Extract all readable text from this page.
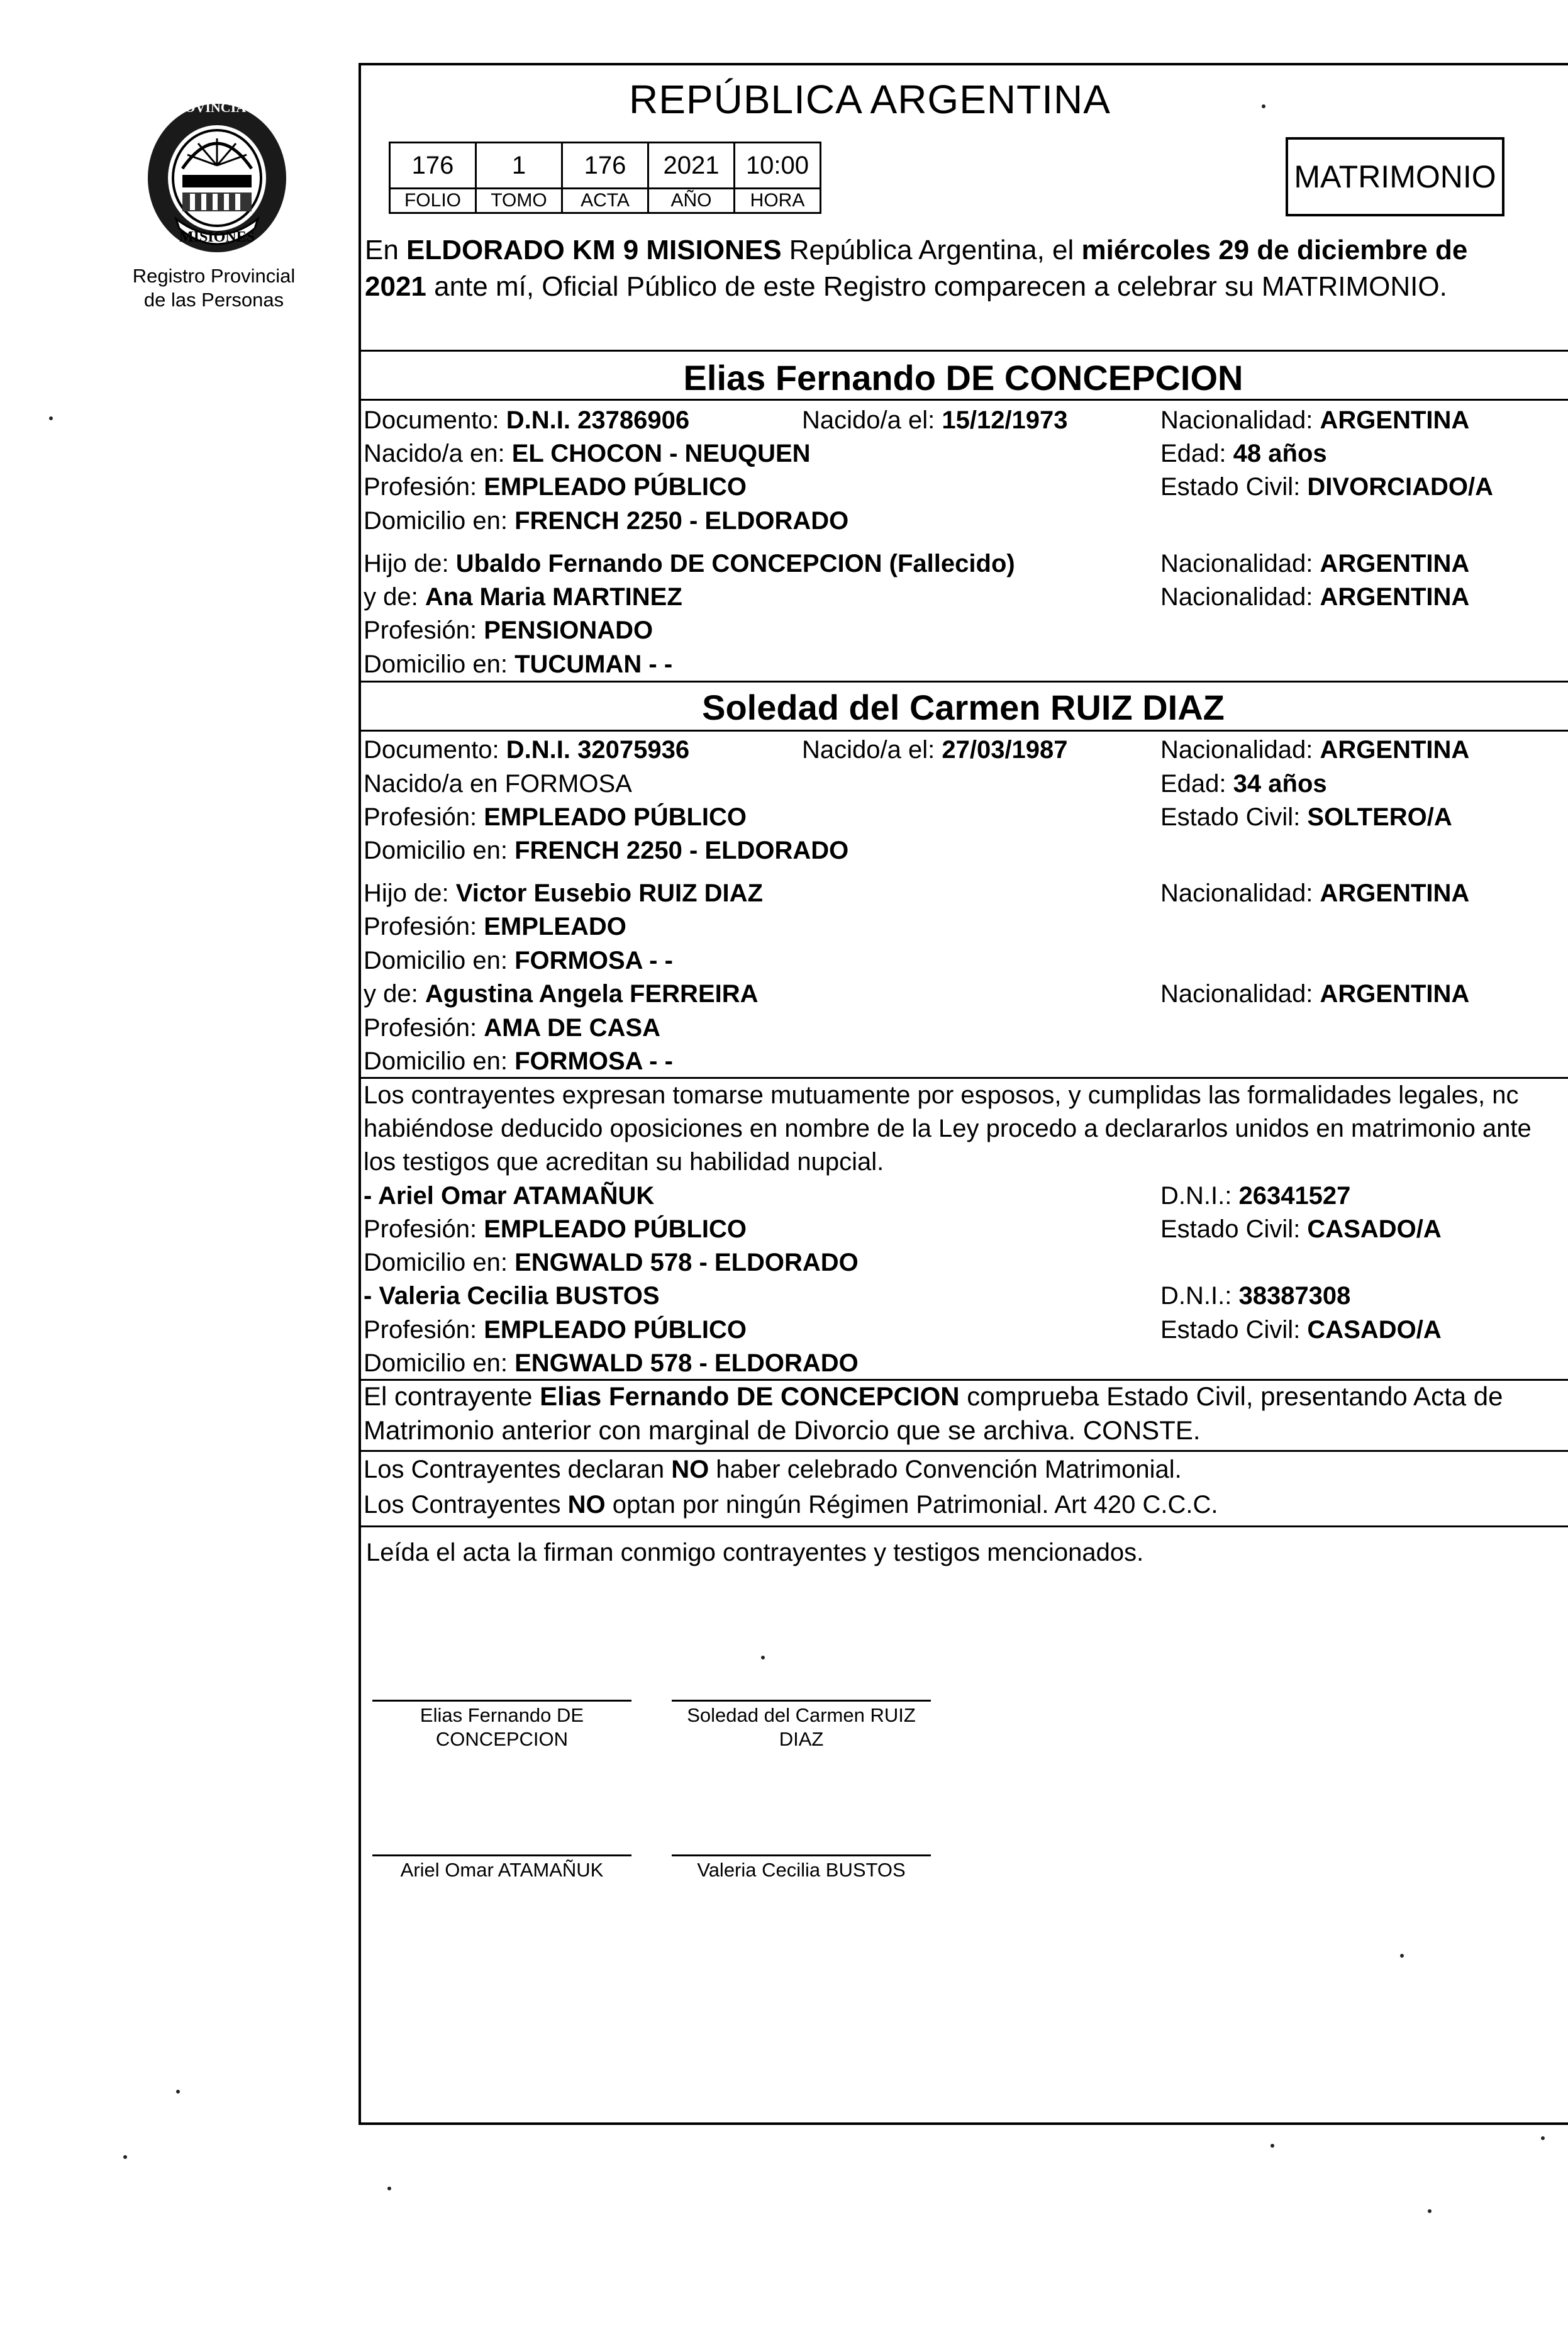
PROVINCIA DE
MISIONES
Registro Provincial
de las Personas
REPÚBLICA ARGENTINA
176	1	176	2021	10:00
FOLIO	TOMO	ACTA	AÑO	HORA
MATRIMONIO
En ELDORADO KM 9 MISIONES República Argentina, el miércoles 29 de diciembre de
2021 ante mí, Oficial Público de este Registro comparecen a celebrar su MATRIMONIO.
Elias Fernando DE CONCEPCION
Documento: D.N.I. 23786906	Nacido/a el: 15/12/1973	Nacionalidad: ARGENTINA
Nacido/a en: EL CHOCON - NEUQUEN	Edad: 48 años
Profesión: EMPLEADO PÚBLICO	Estado Civil: DIVORCIADO/A
Domicilio en: FRENCH 2250 - ELDORADO
Hijo de: Ubaldo Fernando DE CONCEPCION (Fallecido)	Nacionalidad: ARGENTINA
y de: Ana Maria MARTINEZ	Nacionalidad: ARGENTINA
Profesión: PENSIONADO
Domicilio en: TUCUMAN - -
Soledad del Carmen RUIZ DIAZ
Documento: D.N.I. 32075936	Nacido/a el: 27/03/1987	Nacionalidad: ARGENTINA
Nacido/a en FORMOSA	Edad: 34 años
Profesión: EMPLEADO PÚBLICO	Estado Civil: SOLTERO/A
Domicilio en: FRENCH 2250 - ELDORADO
Hijo de: Victor Eusebio RUIZ DIAZ	Nacionalidad: ARGENTINA
Profesión: EMPLEADO
Domicilio en: FORMOSA - -
y de: Agustina Angela FERREIRA	Nacionalidad: ARGENTINA
Profesión: AMA DE CASA
Domicilio en: FORMOSA - -
Los contrayentes expresan tomarse mutuamente por esposos, y cumplidas las formalidades legales, nc
habiéndose deducido oposiciones en nombre de la Ley procedo a declararlos unidos en matrimonio ante
los testigos que acreditan su habilidad nupcial.
- Ariel Omar ATAMAÑUK	D.N.I.: 26341527
Profesión: EMPLEADO PÚBLICO	Estado Civil: CASADO/A
Domicilio en: ENGWALD 578 - ELDORADO
- Valeria Cecilia BUSTOS	D.N.I.: 38387308
Profesión: EMPLEADO PÚBLICO	Estado Civil: CASADO/A
Domicilio en: ENGWALD 578 - ELDORADO
El contrayente Elias Fernando DE CONCEPCION comprueba Estado Civil, presentando Acta de
Matrimonio anterior con marginal de Divorcio que se archiva. CONSTE.
Los Contrayentes declaran NO haber celebrado Convención Matrimonial.
Los Contrayentes NO optan por ningún Régimen Patrimonial. Art 420 C.C.C.
Leída el acta la firman conmigo contrayentes y testigos mencionados.
Elias Fernando DE CONCEPCION
Soledad del Carmen RUIZ DIAZ
Ariel Omar ATAMAÑUK	Valeria Cecilia BUSTOS
